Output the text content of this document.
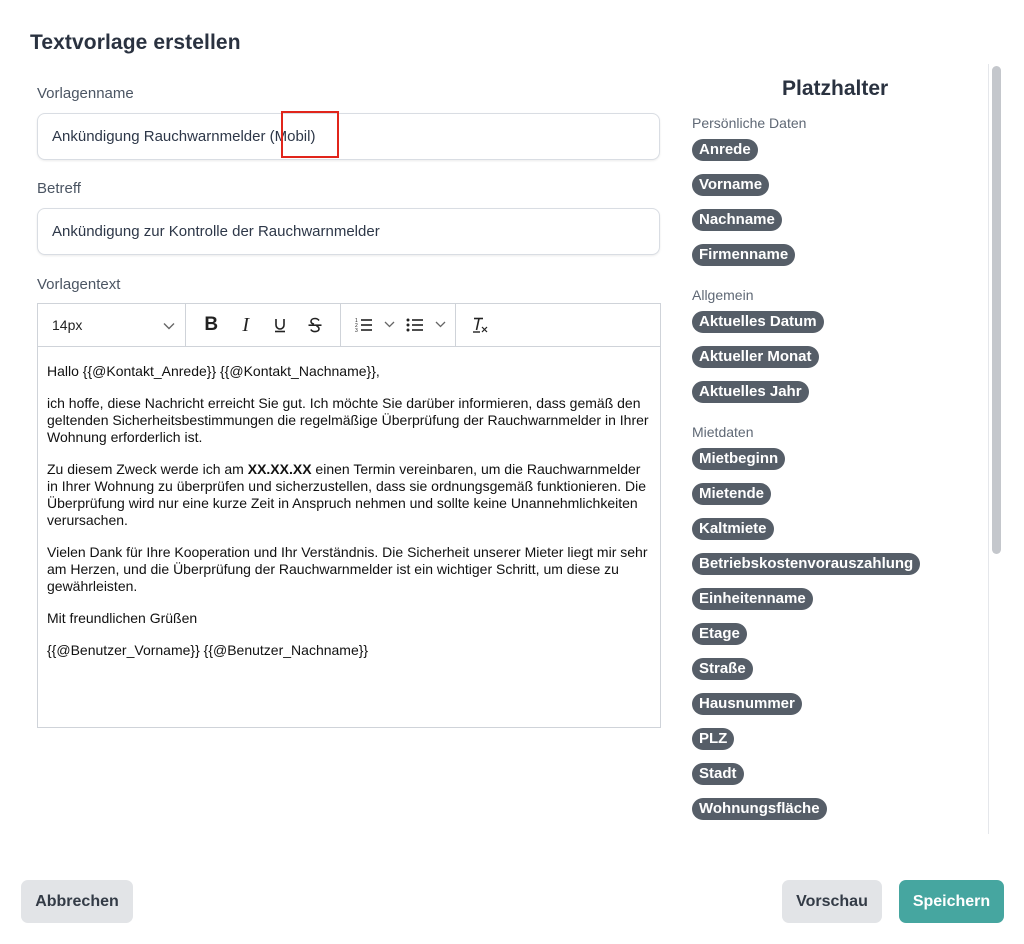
Textvorlage erstellen
Vorlagenname
Ankündigung Rauchwarnmelder (Mobil)
Betreff
Ankündigung zur Kontrolle der Rauchwarnmelder
Vorlagentext
14px	B	I	1
2
3

Hallo {{@Kontakt_Anrede}} {{@Kontakt_Nachname}},

ich hoffe, diese Nachricht erreicht Sie gut. Ich möchte Sie darüber informieren, dass gemäß den geltenden Sicherheitsbestimmungen die regelmäßige Überprüfung der Rauchwarnmelder in Ihrer Wohnung erforderlich ist.

Zu diesem Zweck werde ich am XX.XX.XX einen Termin vereinbaren, um die Rauchwarnmelder in Ihrer Wohnung zu überprüfen und sicherzustellen, dass sie ordnungsgemäß funktionieren. Die Überprüfung wird nur eine kurze Zeit in Anspruch nehmen und sollte keine Unannehmlichkeiten verursachen.

Vielen Dank für Ihre Kooperation und Ihr Verständnis. Die Sicherheit unserer Mieter liegt mir sehr am Herzen, und die Überprüfung der Rauchwarnmelder ist ein wichtiger Schritt, um diese zu gewährleisten.

Mit freundlichen Grüßen

{{@Benutzer_Vorname}} {{@Benutzer_Nachname}}

Platzhalter
Persönliche Daten
Anrede
Vorname
Nachname
Firmenname
Allgemein
Aktuelles Datum
Aktueller Monat
Aktuelles Jahr
Mietdaten
Mietbeginn
Mietende
Kaltmiete
Betriebskostenvorauszahlung
Einheitenname
Etage
Straße
Hausnummer
PLZ
Stadt
Wohnungsfläche
Abbrechen	Vorschau	Speichern
